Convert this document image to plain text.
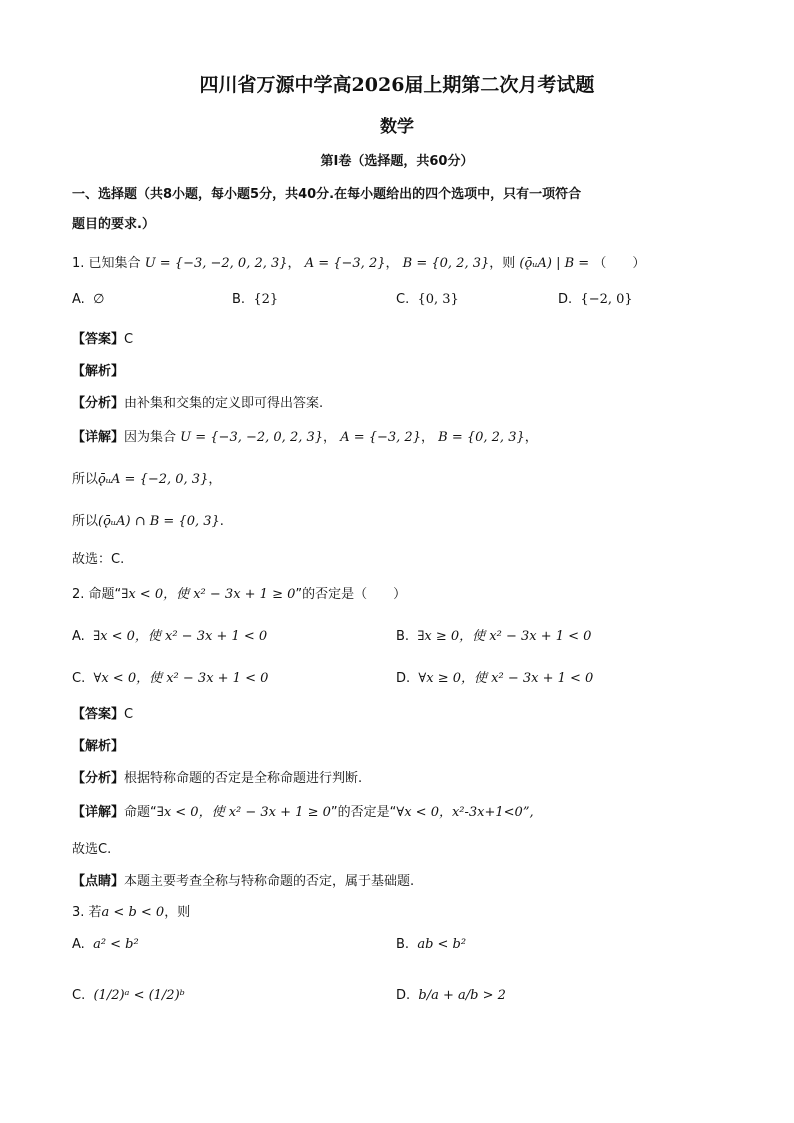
四川省万源中学高2026届上期第二次月考试题
数学
第Ⅰ卷（选择题，共60分）
一、选择题（共8小题，每小题5分，共40分.在每小题给出的四个选项中，只有一项符合
题目的要求.）
1. 已知集合 U = {−3, −2, 0, 2, 3}， A = {−3, 2}， B = {0, 2, 3}，则 (ǭᵤA) | B = （　　）
A. ∅	B. {2}	C. {0, 3}	D. {−2, 0}
【答案】C
【解析】
【分析】由补集和交集的定义即可得出答案.
【详解】因为集合 U = {−3, −2, 0, 2, 3}， A = {−3, 2}， B = {0, 2, 3}，
所以ǭᵤA = {−2, 0, 3}，
所以(ǭᵤA) ∩ B = {0, 3}.
故选：C.
2. 命题“∃x < 0，使 x² − 3x + 1 ≥ 0”的否定是（　　）
A. ∃x < 0，使 x² − 3x + 1 < 0	B. ∃x ≥ 0，使 x² − 3x + 1 < 0
C. ∀x < 0，使 x² − 3x + 1 < 0	D. ∀x ≥ 0，使 x² − 3x + 1 < 0
【答案】C
【解析】
【分析】根据特称命题的否定是全称命题进行判断.
【详解】命题“∃x < 0，使 x² − 3x + 1 ≥ 0”的否定是“∀x < 0，x²-3x+1<0”,
故选C.
【点睛】本题主要考查全称与特称命题的否定，属于基础题.
3. 若a < b < 0，则
A. a² < b²	B. ab < b²
C. (1/2)ᵃ < (1/2)ᵇ	D. b/a + a/b > 2
